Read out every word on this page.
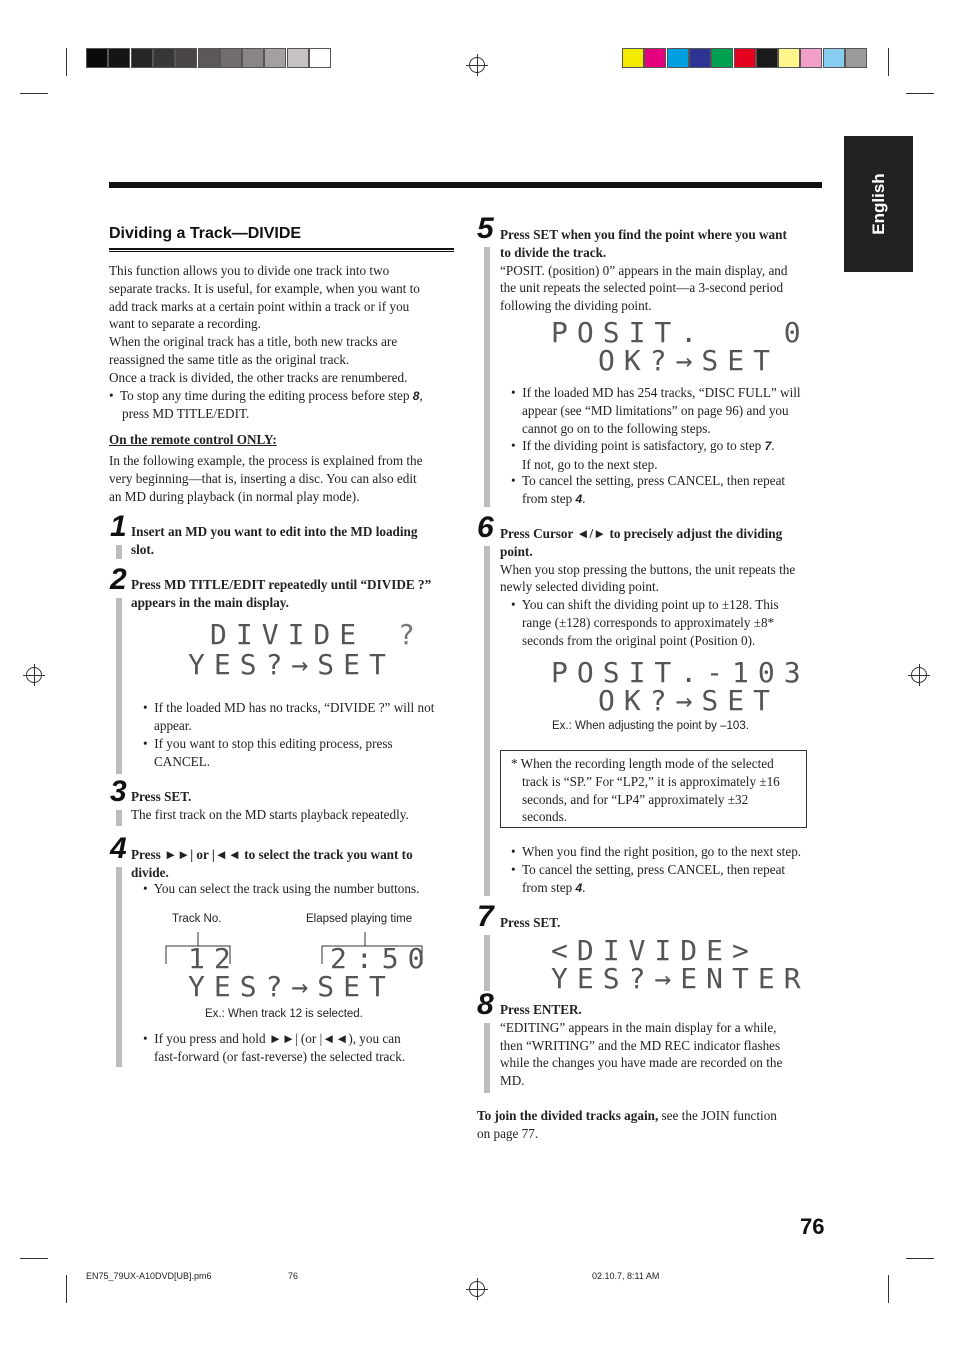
English
Dividing a Track—DIVIDE
This function allows you to divide one track into two
separate tracks. It is useful, for example, when you want to
add track marks at a certain point within a track or if you
want to separate a recording.
When the original track has a title, both new tracks are
reassigned the same title as the original track.
Once a track is divided, the other tracks are renumbered.
•  To stop any time during the editing process before step 8,
press MD TITLE/EDIT.
On the remote control ONLY:
In the following example, the process is explained from the
very beginning—that is, inserting a disc. You can also edit
an MD during playback (in normal play mode).
1 Insert an MD you want to edit into the MD loading
slot.
2 Press MD TITLE/EDIT repeatedly until “DIVIDE ?”
appears in the main display.
DIVIDE ?
YES?→SET
•  If the loaded MD has no tracks, “DIVIDE ?” will not
appear.
•  If you want to stop this editing process, press
CANCEL.
3 Press SET.
The first track on the MD starts playback repeatedly.
4 Press ►►| or |◄◄ to select the track you want to
divide.
•  You can select the track using the number buttons.
Track No.	Elapsed playing time
12	2:50
YES?→SET
Ex.: When track 12 is selected.
•  If you press and hold ►►| (or |◄◄), you can
fast-forward (or fast-reverse) the selected track.
5 Press SET when you find the point where you want
to divide the track.
“POSIT. (position) 0” appears in the main display, and
the unit repeats the selected point—a 3-second period
following the dividing point.
POSIT.   0
OK?→SET
•  If the loaded MD has 254 tracks, “DISC FULL” will
appear (see “MD limitations” on page 96) and you
cannot go on to the following steps.
•  If the dividing point is satisfactory, go to step 7.
If not, go to the next step.
•  To cancel the setting, press CANCEL, then repeat
from step 4.
6 Press Cursor ◄/► to precisely adjust the dividing
point.
When you stop pressing the buttons, the unit repeats the
newly selected dividing point.
•  You can shift the dividing point up to ±128. This
range (±128) corresponds to approximately ±8*
seconds from the original point (Position 0).
POSIT.-103
OK?→SET
Ex.: When adjusting the point by –103.
* When the recording length mode of the selected
track is “SP.” For “LP2,” it is approximately ±16
seconds, and for “LP4” approximately ±32
seconds.
•  When you find the right position, go to the next step.
•  To cancel the setting, press CANCEL, then repeat
from step 4.
7 Press SET.
<DIVIDE>
YES?→ENTER
8 Press ENTER.
“EDITING” appears in the main display for a while,
then “WRITING” and the MD REC indicator flashes
while the changes you have made are recorded on the
MD.
To join the divided tracks again, see the JOIN function
on page 77.
76
EN75_79UX-A10DVD[UB].pm6	76	02.10.7, 8:11 AM
